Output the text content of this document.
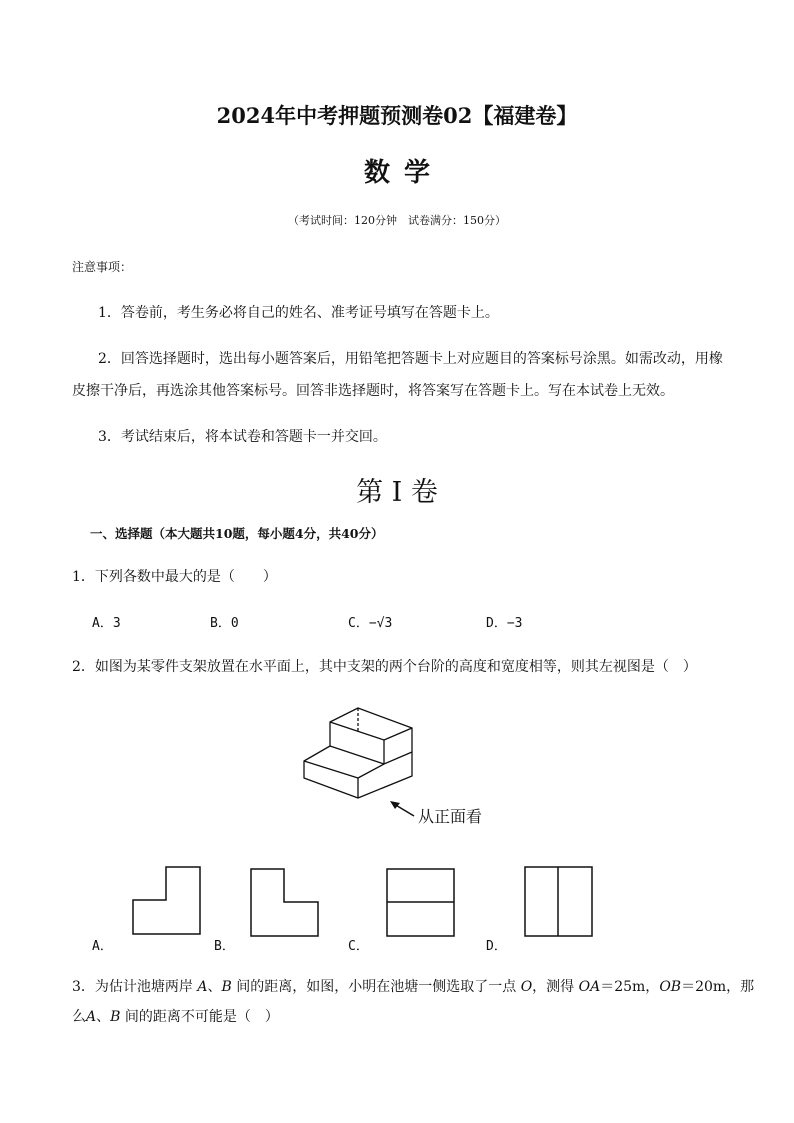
2024年中考押题预测卷02【福建卷】
数学
（考试时间：120分钟　试卷满分：150分）
注意事项：
1．答卷前，考生务必将自己的姓名、准考证号填写在答题卡上。
2．回答选择题时，选出每小题答案后，用铅笔把答题卡上对应题目的答案标号涂黑。如需改动，用橡
皮擦干净后，再选涂其他答案标号。回答非选择题时，将答案写在答题卡上。写在本试卷上无效。
3．考试结束后，将本试卷和答题卡一并交回。
第 I 卷
一、选择题（本大题共10题，每小题4分，共40分）
1．下列各数中最大的是（　　）
A．3	B．0	C．−√3	D．−3
2．如图为某零件支架放置在水平面上，其中支架的两个台阶的高度和宽度相等，则其左视图是（　）
从正面看
A．	B．	C．	D．
3．为估计池塘两岸 A、B 间的距离，如图，小明在池塘一侧选取了一点 O，测得 OA＝25m，OB＝20m，那
么A、B 间的距离不可能是（　）
